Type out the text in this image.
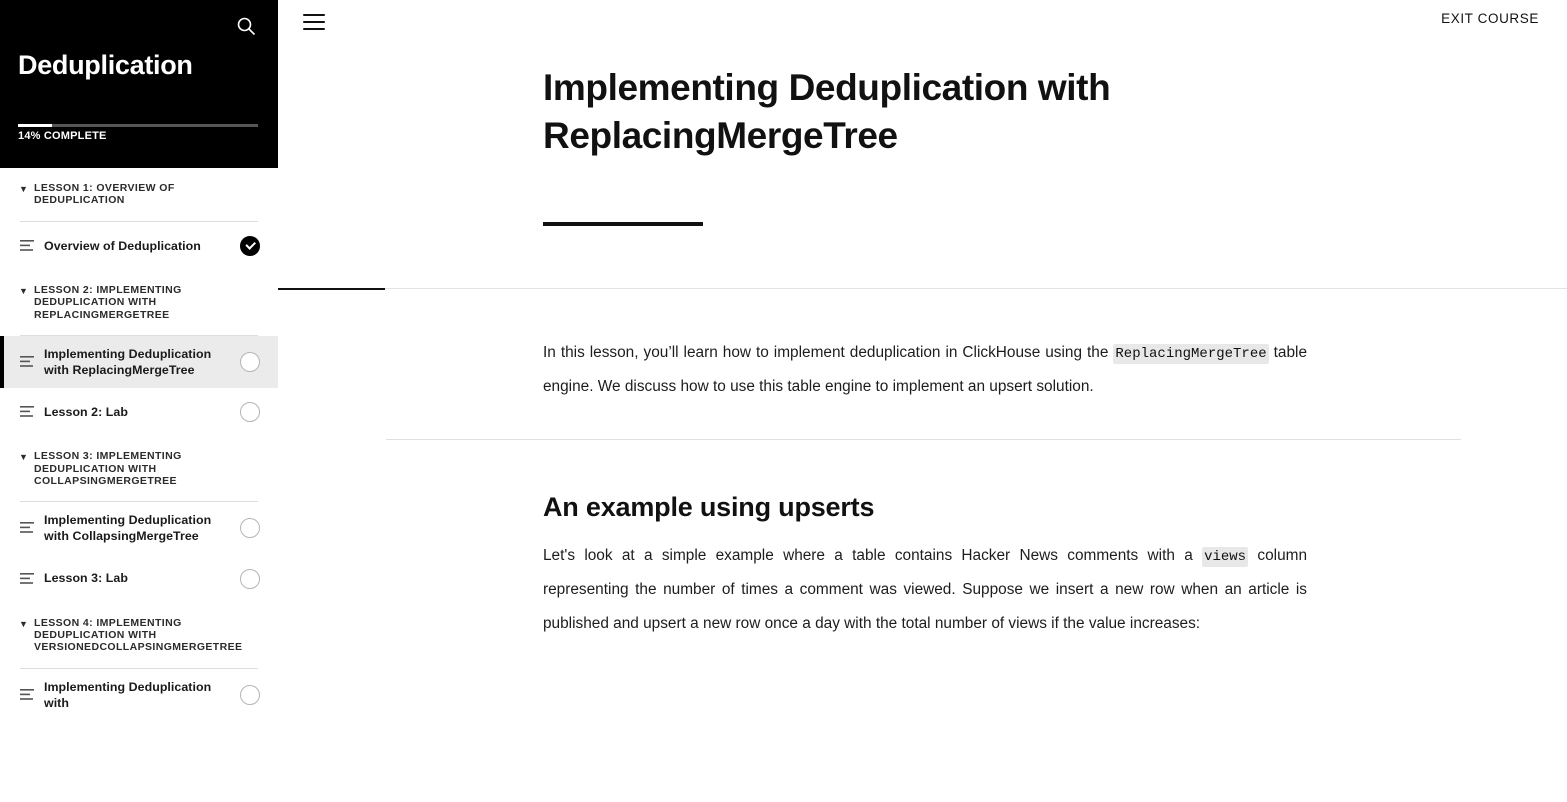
Deduplication
14% COMPLETE
▼ LESSON 1: OVERVIEW OF DEDUPLICATION
Overview of Deduplication
▼ LESSON 2: IMPLEMENTING DEDUPLICATION WITH REPLACINGMERGETREE
Implementing Deduplication with ReplacingMergeTree
Lesson 2: Lab
▼ LESSON 3: IMPLEMENTING DEDUPLICATION WITH COLLAPSINGMERGETREE
Implementing Deduplication with CollapsingMergeTree
Lesson 3: Lab
▼ LESSON 4: IMPLEMENTING DEDUPLICATION WITH VERSIONEDCOLLAPSINGMERGETREE
Implementing Deduplication with
EXIT COURSE
Implementing Deduplication with ReplacingMergeTree

In this lesson, you’ll learn how to implement deduplication in ClickHouse using the ReplacingMergeTree table engine. We discuss how to use this table engine to implement an upsert solution.

An example using upserts

Let's look at a simple example where a table contains Hacker News comments with a views column representing the number of times a comment was viewed. Suppose we insert a new row when an article is published and upsert a new row once a day with the total number of views if the value increases:
